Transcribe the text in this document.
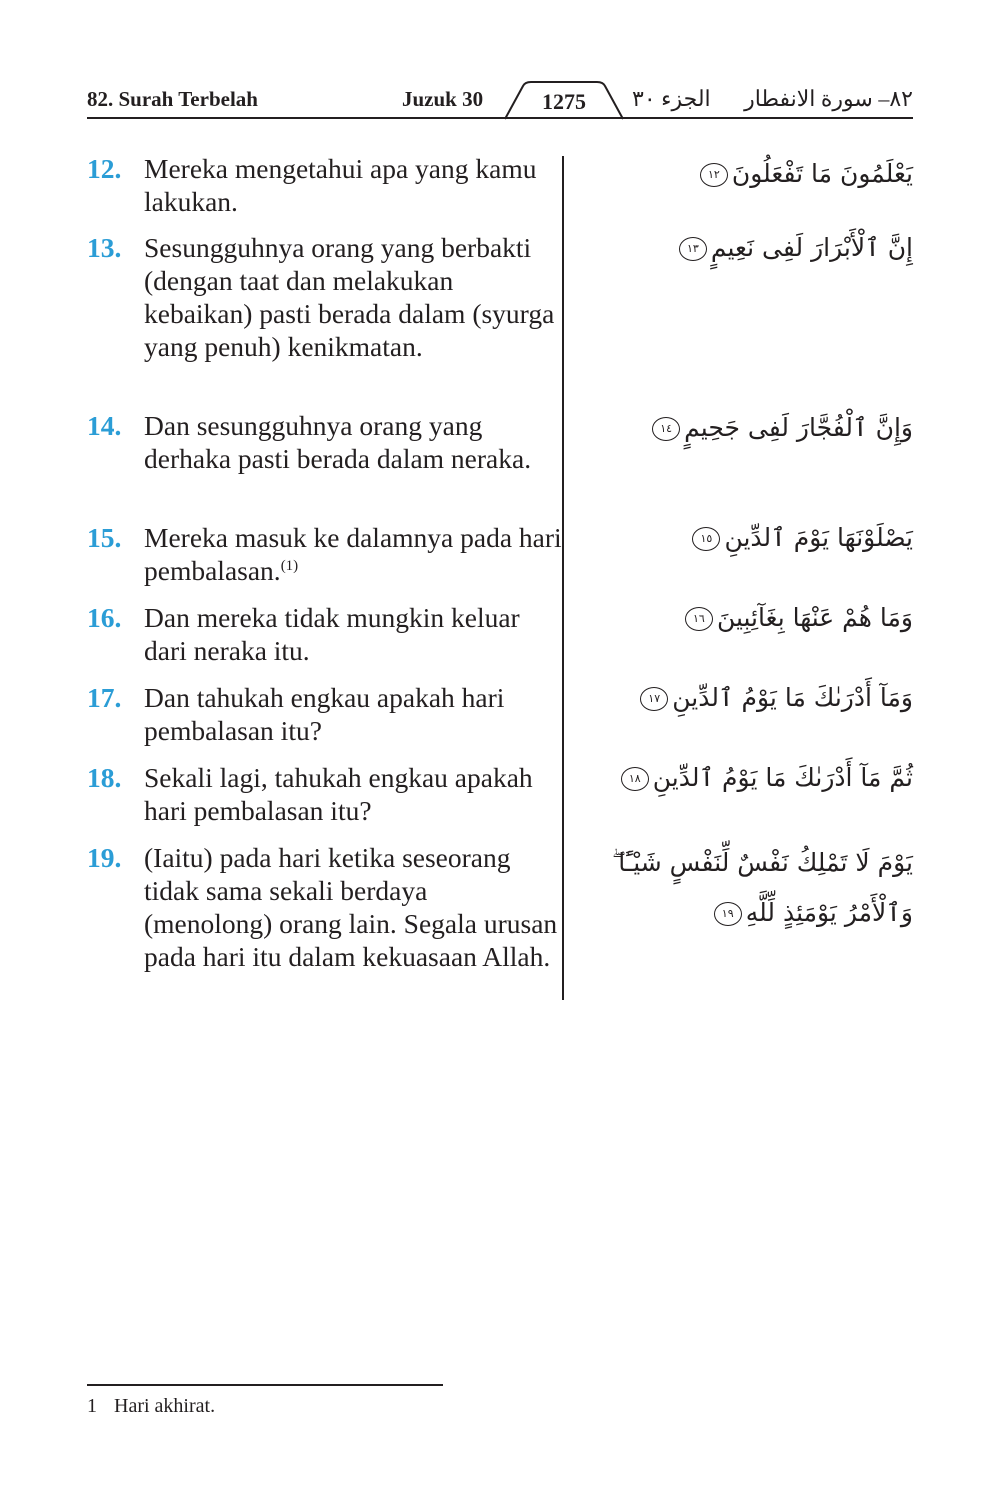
82. Surah Terbelah	Juzuk 30	1275	الجزء ٣٠ ٨٢– سورة الانفطار
12. Mereka mengetahui apa yang kamu lakukan.
يَعْلَمُونَ مَا تَفْعَلُونَ١٢
13. Sesungguhnya orang yang berbakti (dengan taat dan melakukan kebaikan) pasti berada dalam (syurga yang penuh) kenikmatan.
إِنَّ ٱلْأَبْرَارَ لَفِى نَعِيمٍ١٣
14. Dan sesungguhnya orang yang derhaka pasti berada dalam neraka.
وَإِنَّ ٱلْفُجَّارَ لَفِى جَحِيمٍ١٤
15. Mereka masuk ke dalamnya pada hari pembalasan.$^{(1)}$
يَصْلَوْنَهَا يَوْمَ ٱلدِّينِ١٥
16. Dan mereka tidak mungkin keluar dari neraka itu.
وَمَا هُمْ عَنْهَا بِغَآئِبِينَ١٦
17. Dan tahukah engkau apakah hari pembalasan itu?
وَمَآ أَدْرَىٰكَ مَا يَوْمُ ٱلدِّينِ١٧
18. Sekali lagi, tahukah engkau apakah hari pembalasan itu?
ثُمَّ مَآ أَدْرَىٰكَ مَا يَوْمُ ٱلدِّينِ١٨
19. (Iaitu) pada hari ketika seseorang tidak sama sekali berdaya (menolong) orang lain. Segala urusan pada hari itu dalam kekuasaan Allah.
يَوْمَ لَا تَمْلِكُ نَفْسٌ لِّنَفْسٍ شَيْـًٔا ۖ وَٱلْأَمْرُ يَوْمَئِذٍ لِّلَّهِ١٩
1 Hari akhirat.
